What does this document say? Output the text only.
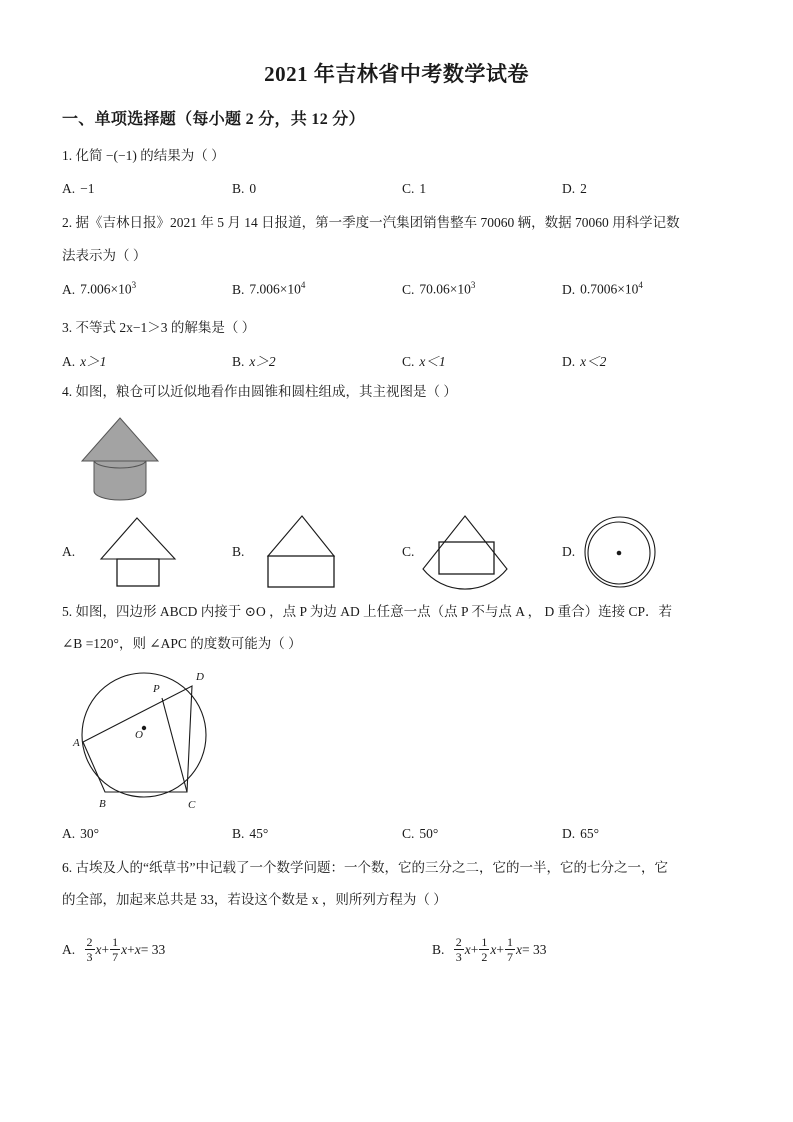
2021 年吉林省中考数学试卷
一、单项选择题（每小题 2 分，共 12 分）
1. 化简 −(−1) 的结果为（ ）
A. −1	B. 0	C. 1	D. 2
2. 据《吉林日报》2021 年 5 月 14 日报道，第一季度一汽集团销售整车 70060 辆，数据 70060 用科学记数
法表示为（ ）
A. $7.006\times 10^3$	B. $7.006\times 10^4$	C. $70.06\times 10^3$	D. $0.7006\times 10^4$
3. 不等式 2x−1＞3 的解集是（ ）
A. x＞1	B. x＞2	C. x＜1	D. x＜2
4. 如图，粮仓可以近似地看作由圆锥和圆柱组成，其主视图是（ ）
A.	B.	C.	D.
5. 如图，四边形 ABCD 内接于 ⊙O ，点 P 为边 AD 上任意一点（点 P 不与点 A ， D 重合）连接 CP．若
∠B =120°，则 ∠APC 的度数可能为（ ）
A
B	C
D
O
P
A. 30°	B. 45°	C. 50°	D. 65°
6. 古埃及人的“纸草书”中记载了一个数学问题：一个数，它的三分之二，它的一半，它的七分之一，它
的全部，加起来总共是 33，若设这个数是 x ，则所列方程为（ ）
A. $\frac{2}{3} x+ \frac{1}{7} x+x= 33$	B. $\frac{2}{3} x+ \frac{1}{2} x+ \frac{1}{7} x= 33$
